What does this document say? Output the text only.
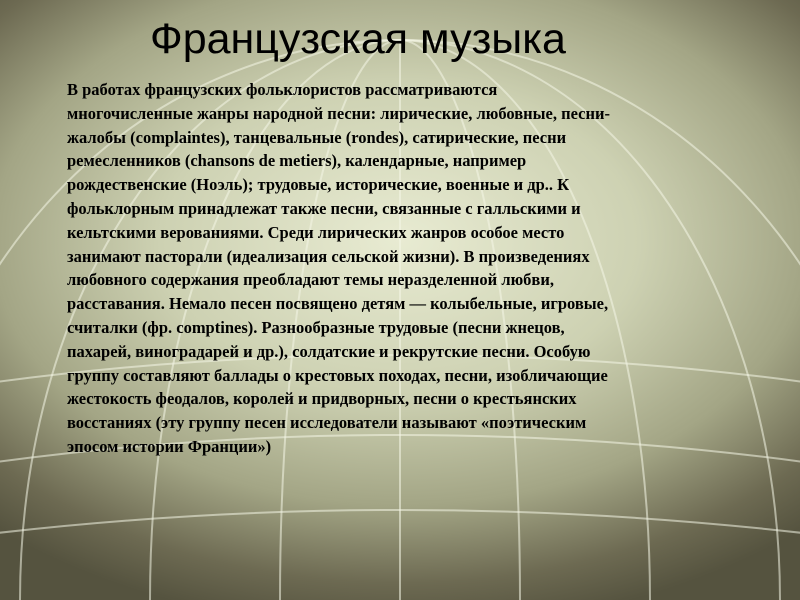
Французская музыка

В работах французских фольклористов рассматриваются
многочисленные жанры народной песни: лирические, любовные, песни-
жалобы (complaintes), танцевальные (rondes), сатирические, песни
ремесленников (chansons de metiers), календарные, например
рождественские (Ноэль); трудовые, исторические, военные и др.. К
фольклорным принадлежат также песни, связанные с галльскими и
кельтскими верованиями. Среди лирических жанров особое место
занимают пасторали (идеализация сельской жизни). В произведениях
любовного содержания преобладают темы неразделенной любви,
расставания. Немало песен посвящено детям — колыбельные, игровые,
считалки (фр. comptines). Разнообразные трудовые (песни жнецов,
пахарей, виноградарей и др.), солдатские и рекрутские песни. Особую
группу составляют баллады о крестовых походах, песни, изобличающие
жестокость феодалов, королей и придворных, песни о крестьянских
восстаниях (эту группу песен исследователи называют «поэтическим
эпосом истории Франции»)
